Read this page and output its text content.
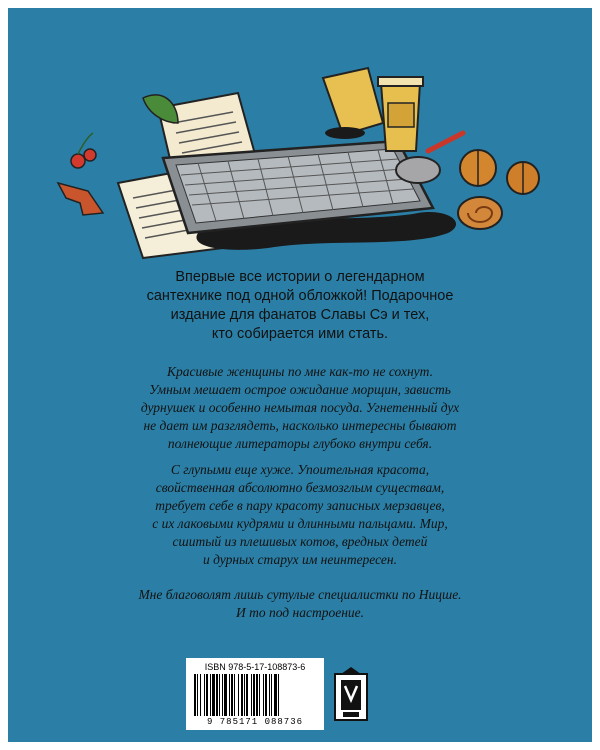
Впервые все истории о легендарном
сантехнике под одной обложкой! Подарочное
издание для фанатов Славы Сэ и тех,
кто собирается ими стать.

Красивые женщины по мне как-то не сохнут.
Умным мешает острое ожидание морщин, зависть
дурнушек и особенно немытая посуда. Угнетенный дух
не дает им разглядеть, насколько интересны бывают
полнеющие литераторы глубоко внутри себя.

С глупыми еще хуже. Упоительная красота,
свойственная абсолютно безмозглым существам,
требует себе в пару красоту записных мерзавцев,
с их лаковыми кудрями и длинными пальцами. Мир,
сшитый из плешивых котов, вредных детей
и дурных старух им неинтересен.

Мне благоволят лишь сутулые специалистки по Ницше.
И то под настроение.

ISBN 978-5-17-108873-6
9 785171 088736
